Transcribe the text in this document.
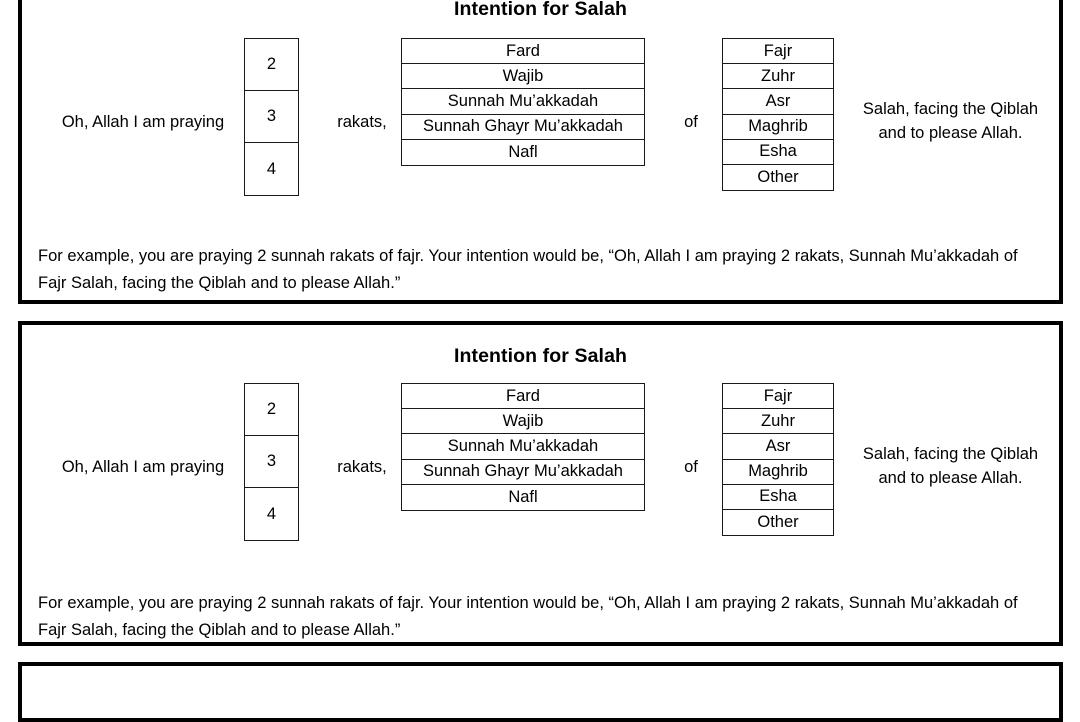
Intention for Salah
Oh, Allah I am praying
2
3
4
rakats,
Fard
Wajib
Sunnah Mu’akkadah
Sunnah Ghayr Mu’akkadah
Nafl
of
Fajr
Zuhr
Asr
Maghrib
Esha
Other
Salah, facing the Qiblah and to please Allah.

For example, you are praying 2 sunnah rakats of fajr. Your intention would be, “Oh, Allah I am praying 2 rakats, Sunnah Mu’akkadah of Fajr Salah, facing the Qiblah and to please Allah.”

Intention for Salah
Oh, Allah I am praying
2
3
4
rakats,
Fard
Wajib
Sunnah Mu’akkadah
Sunnah Ghayr Mu’akkadah
Nafl
of
Fajr
Zuhr
Asr
Maghrib
Esha
Other
Salah, facing the Qiblah and to please Allah.

For example, you are praying 2 sunnah rakats of fajr. Your intention would be, “Oh, Allah I am praying 2 rakats, Sunnah Mu’akkadah of Fajr Salah, facing the Qiblah and to please Allah.”
